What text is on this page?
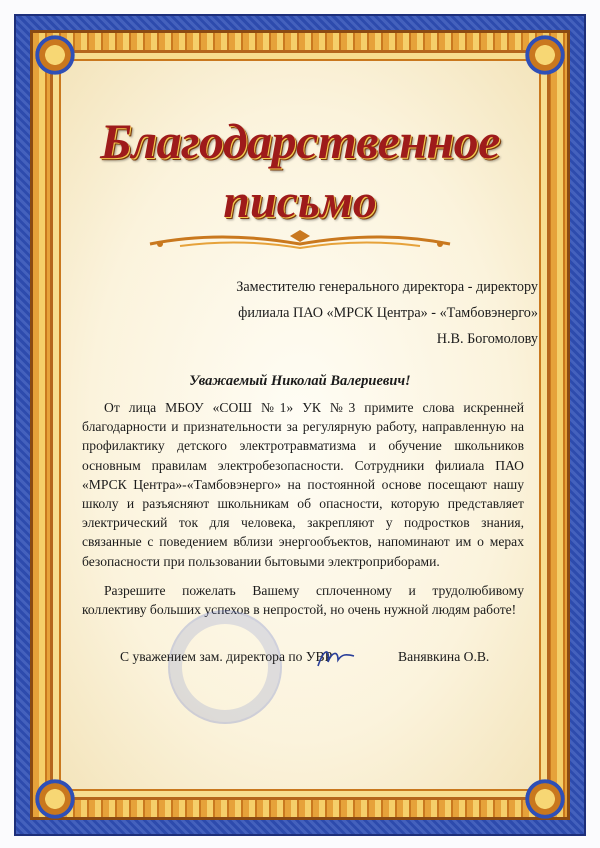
Благодарственное
письмо
Заместителю генерального директора - директору
филиала ПАО «МРСК Центра» - «Тамбовэнерго»
Н.В. Богомолову
Уважаемый Николай Валериевич!

От лица МБОУ «СОШ №1» УК №3 примите слова искренней благодарности и признательности за регулярную работу, направленную на профилактику детского электротравматизма и обучение школьников основным правилам электробезопасности. Сотрудники филиала ПАО «МРСК Центра»-«Тамбовэнерго» на постоянной основе посещают нашу школу и разъясняют школьникам об опасности, которую представляет электрический ток для человека, закрепляют у подростков знания, связанные с поведением вблизи энергообъектов, напоминают им о мерах безопасности при пользовании бытовыми электроприборами.

Разрешите пожелать Вашему сплоченному и трудолюбивому коллективу больших успехов в непростой, но очень нужной людям работе!

С уважением зам. директора по УВР	Ванявкина О.В.
